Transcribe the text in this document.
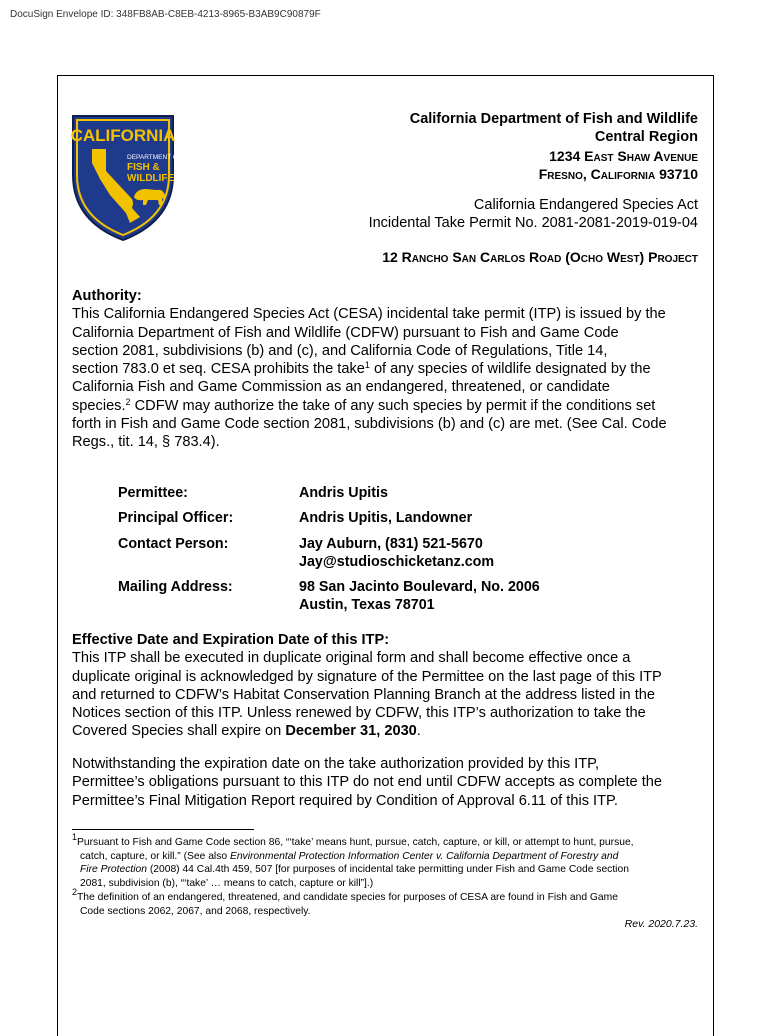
DocuSign Envelope ID: 348FB8AB-C8EB-4213-8965-B3AB9C90879F
CALIFORNIA
DEPARTMENT OF
FISH &
WILDLIFE
California Department of Fish and Wildlife
Central Region
1234 East Shaw Avenue
Fresno, California 93710
California Endangered Species Act
Incidental Take Permit No. 2081-2081-2019-019-04
12 Rancho San Carlos Road (Ocho West) Project
Authority:
This California Endangered Species Act (CESA) incidental take permit (ITP) is issued by the
California Department of Fish and Wildlife (CDFW) pursuant to Fish and Game Code
section 2081, subdivisions (b) and (c), and California Code of Regulations, Title 14,
section 783.0 et seq. CESA prohibits the take$^1$ of any species of wildlife designated by the
California Fish and Game Commission as an endangered, threatened, or candidate
species.$^2$ CDFW may authorize the take of any such species by permit if the conditions set
forth in Fish and Game Code section 2081, subdivisions (b) and (c) are met. (See Cal. Code
Regs., tit. 14, § 783.4).
Permittee:	Andris Upitis
Principal Officer:	Andris Upitis, Landowner
Contact Person:	Jay Auburn, (831) 521-5670
Jay@studioschicketanz.com
Mailing Address:	98 San Jacinto Boulevard, No. 2006
Austin, Texas 78701
Effective Date and Expiration Date of this ITP:
This ITP shall be executed in duplicate original form and shall become effective once a
duplicate original is acknowledged by signature of the Permittee on the last page of this ITP
and returned to CDFW’s Habitat Conservation Planning Branch at the address listed in the
Notices section of this ITP. Unless renewed by CDFW, this ITP’s authorization to take the
Covered Species shall expire on December 31, 2030.
Notwithstanding the expiration date on the take authorization provided by this ITP,
Permittee’s obligations pursuant to this ITP do not end until CDFW accepts as complete the
Permittee’s Final Mitigation Report required by Condition of Approval 6.11 of this ITP.
$^1$Pursuant to Fish and Game Code section 86, “‘take’ means hunt, pursue, catch, capture, or kill, or attempt to hunt, pursue,
catch, capture, or kill.” (See also Environmental Protection Information Center v. California Department of Forestry and
Fire Protection (2008) 44 Cal.4th 459, 507 [for purposes of incidental take permitting under Fish and Game Code section
2081, subdivision (b), “‘take’ … means to catch, capture or kill”].)
$^2$The definition of an endangered, threatened, and candidate species for purposes of CESA are found in Fish and Game
Code sections 2062, 2067, and 2068, respectively.
Rev. 2020.7.23.
